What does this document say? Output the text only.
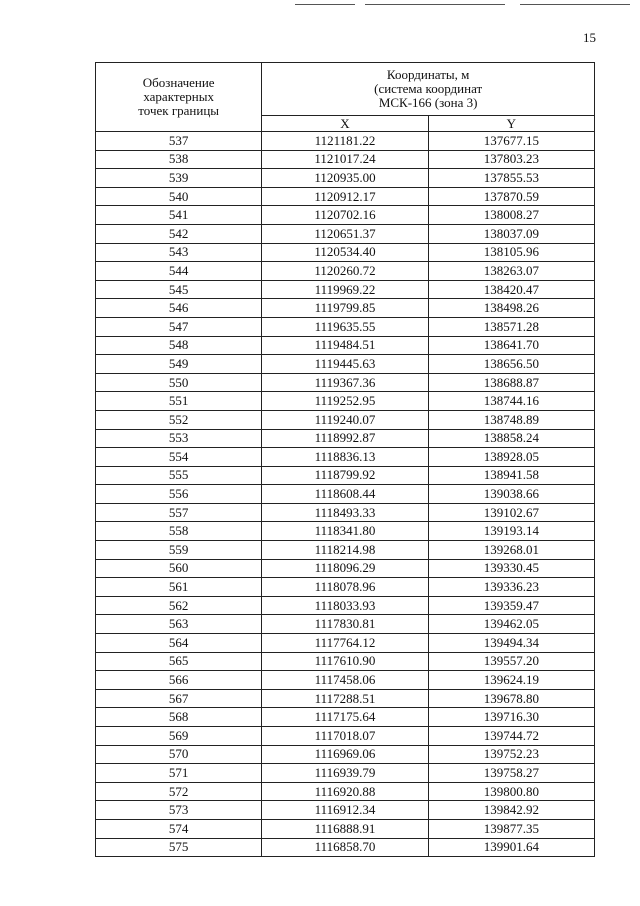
15
Обозначение
характерных
точек границы	Координаты, м
(система координат
МСК-166 (зона 3)	

	X	Y
537	1121181.22	137677.15
538	1121017.24	137803.23
539	1120935.00	137855.53
540	1120912.17	137870.59
541	1120702.16	138008.27
542	1120651.37	138037.09
543	1120534.40	138105.96
544	1120260.72	138263.07
545	1119969.22	138420.47
546	1119799.85	138498.26
547	1119635.55	138571.28
548	1119484.51	138641.70
549	1119445.63	138656.50
550	1119367.36	138688.87
551	1119252.95	138744.16
552	1119240.07	138748.89
553	1118992.87	138858.24
554	1118836.13	138928.05
555	1118799.92	138941.58
556	1118608.44	139038.66
557	1118493.33	139102.67
558	1118341.80	139193.14
559	1118214.98	139268.01
560	1118096.29	139330.45
561	1118078.96	139336.23
562	1118033.93	139359.47
563	1117830.81	139462.05
564	1117764.12	139494.34
565	1117610.90	139557.20
566	1117458.06	139624.19
567	1117288.51	139678.80
568	1117175.64	139716.30
569	1117018.07	139744.72
570	1116969.06	139752.23
571	1116939.79	139758.27
572	1116920.88	139800.80
573	1116912.34	139842.92
574	1116888.91	139877.35
575	1116858.70	139901.64
